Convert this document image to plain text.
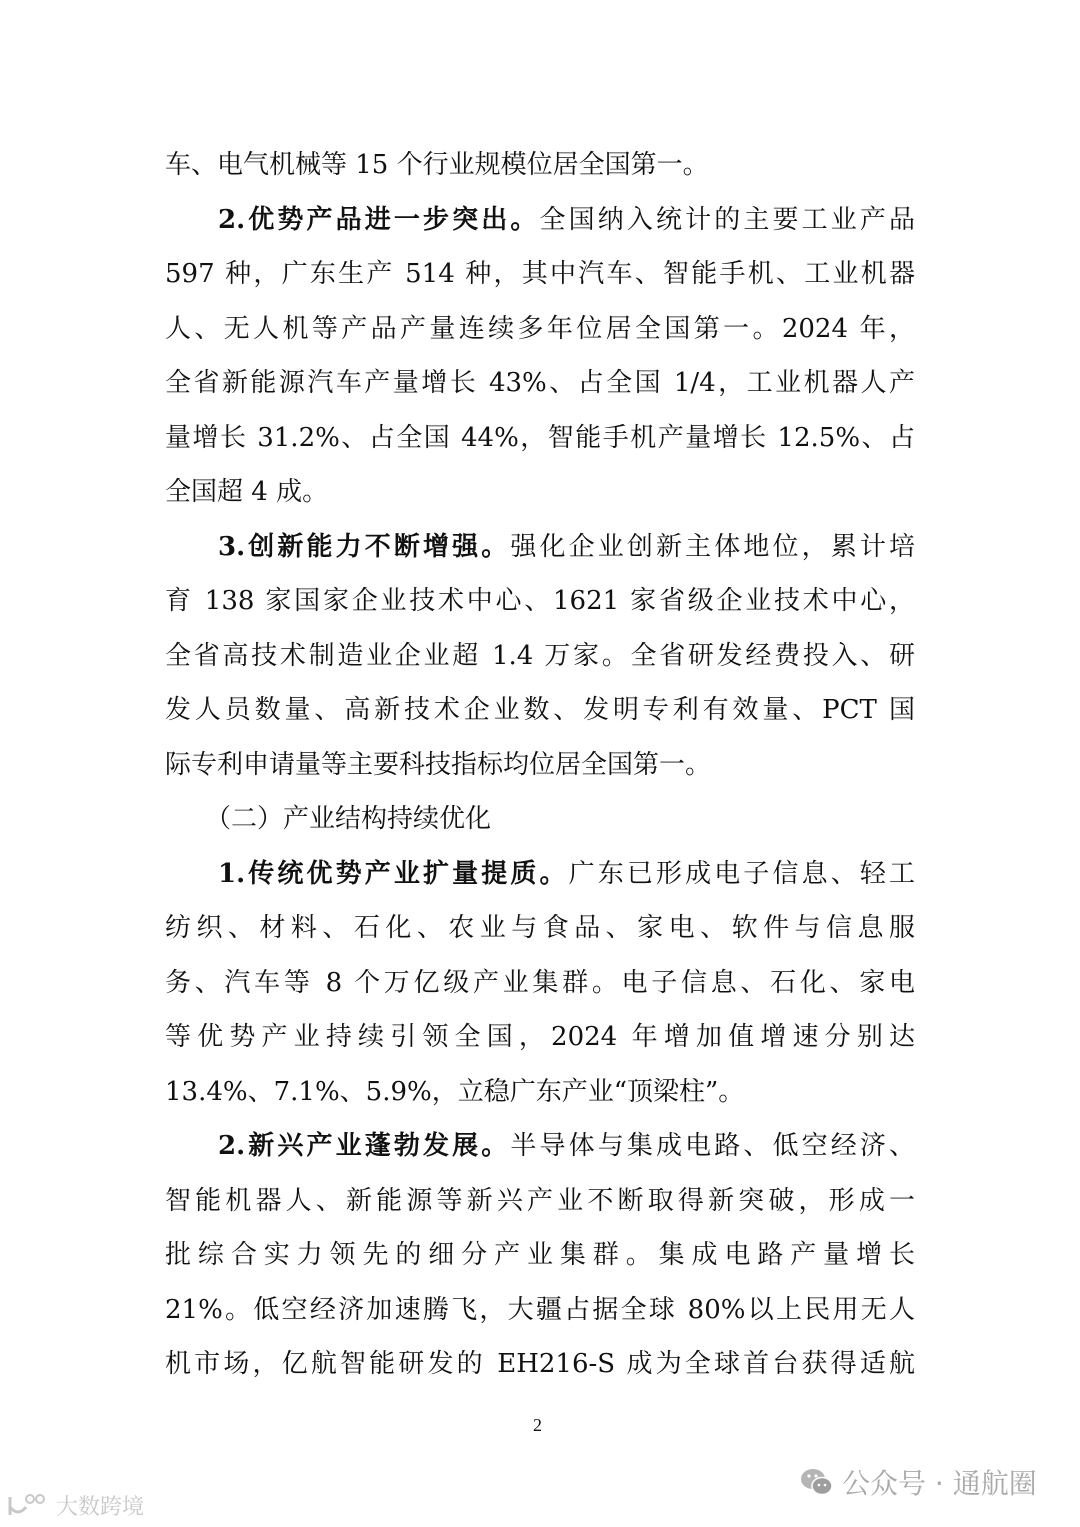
车、电气机械等 15 个行业规模位居全国第一。
2.优势产品进一步突出。全国纳入统计的主要工业产品
597 种，广东生产 514 种，其中汽车、智能手机、工业机器
人、无人机等产品产量连续多年位居全国第一。2024 年，
全省新能源汽车产量增长 43%、占全国 1/4，工业机器人产
量增长 31.2%、占全国 44%，智能手机产量增长 12.5%、占
全国超 4 成。
3.创新能力不断增强。强化企业创新主体地位，累计培
育 138 家国家企业技术中心、1621 家省级企业技术中心，
全省高技术制造业企业超 1.4 万家。全省研发经费投入、研
发人员数量、高新技术企业数、发明专利有效量、PCT 国
际专利申请量等主要科技指标均位居全国第一。
（二）产业结构持续优化
1.传统优势产业扩量提质。广东已形成电子信息、轻工
纺织、材料、石化、农业与食品、家电、软件与信息服
务、汽车等 8 个万亿级产业集群。电子信息、石化、家电
等优势产业持续引领全国，2024 年增加值增速分别达
13.4%、7.1%、5.9%，立稳广东产业“顶梁柱”。
2.新兴产业蓬勃发展。半导体与集成电路、低空经济、
智能机器人、新能源等新兴产业不断取得新突破，形成一
批综合实力领先的细分产业集群。集成电路产量增长
21%。低空经济加速腾飞，大疆占据全球 80%以上民用无人
机市场，亿航智能研发的 EH216-S 成为全球首台获得适航
2
公众号 · 通航圈
大数跨境
